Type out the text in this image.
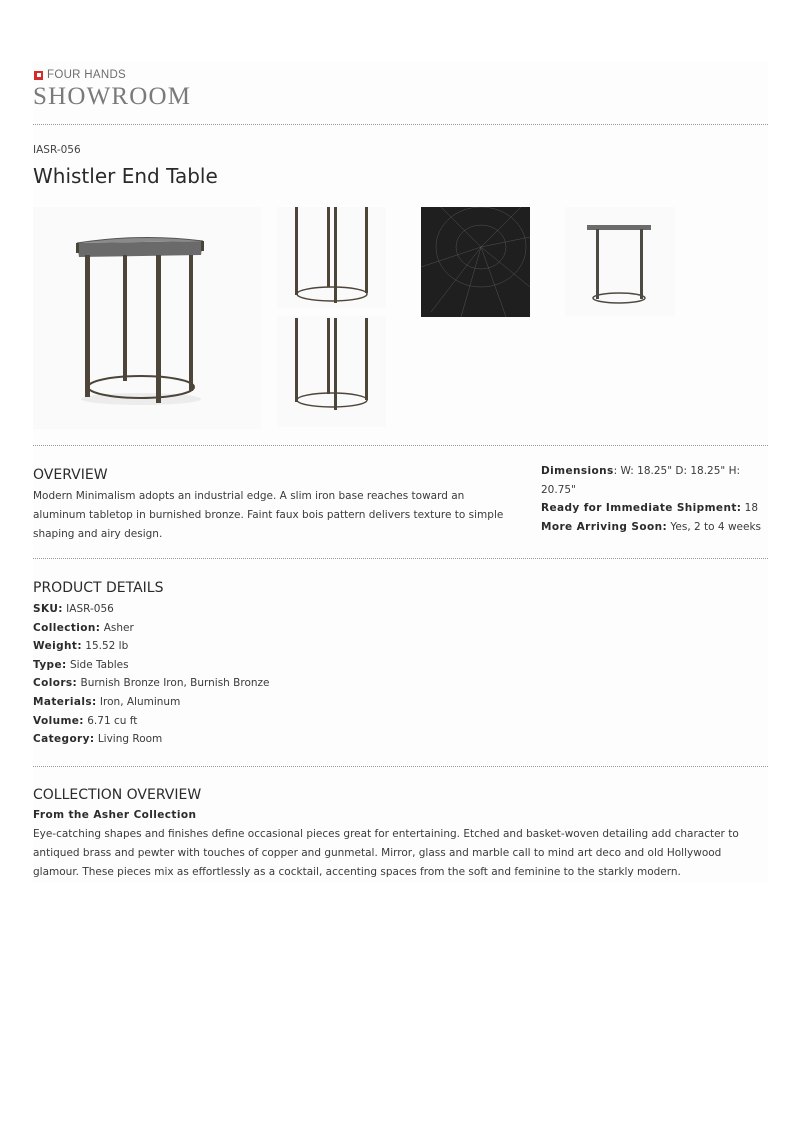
FOUR HANDS
SHOWROOM
IASR-056
Whistler End Table
OVERVIEW
Modern Minimalism adopts an industrial edge. A slim iron base reaches toward an aluminum tabletop in burnished bronze. Faint faux bois pattern delivers texture to simple shaping and airy design.
Dimensions: W: 18.25" D: 18.25" H: 20.75"
Ready for Immediate Shipment: 18
More Arriving Soon: Yes, 2 to 4 weeks
PRODUCT DETAILS
SKU: IASR-056
Collection: Asher
Weight: 15.52 lb
Type: Side Tables
Colors: Burnish Bronze Iron, Burnish Bronze
Materials: Iron, Aluminum
Volume: 6.71 cu ft
Category: Living Room
COLLECTION OVERVIEW
From the Asher Collection
Eye-catching shapes and finishes define occasional pieces great for entertaining. Etched and basket-woven detailing add character to antiqued brass and pewter with touches of copper and gunmetal. Mirror, glass and marble call to mind art deco and old Hollywood glamour. These pieces mix as effortlessly as a cocktail, accenting spaces from the soft and feminine to the starkly modern.
